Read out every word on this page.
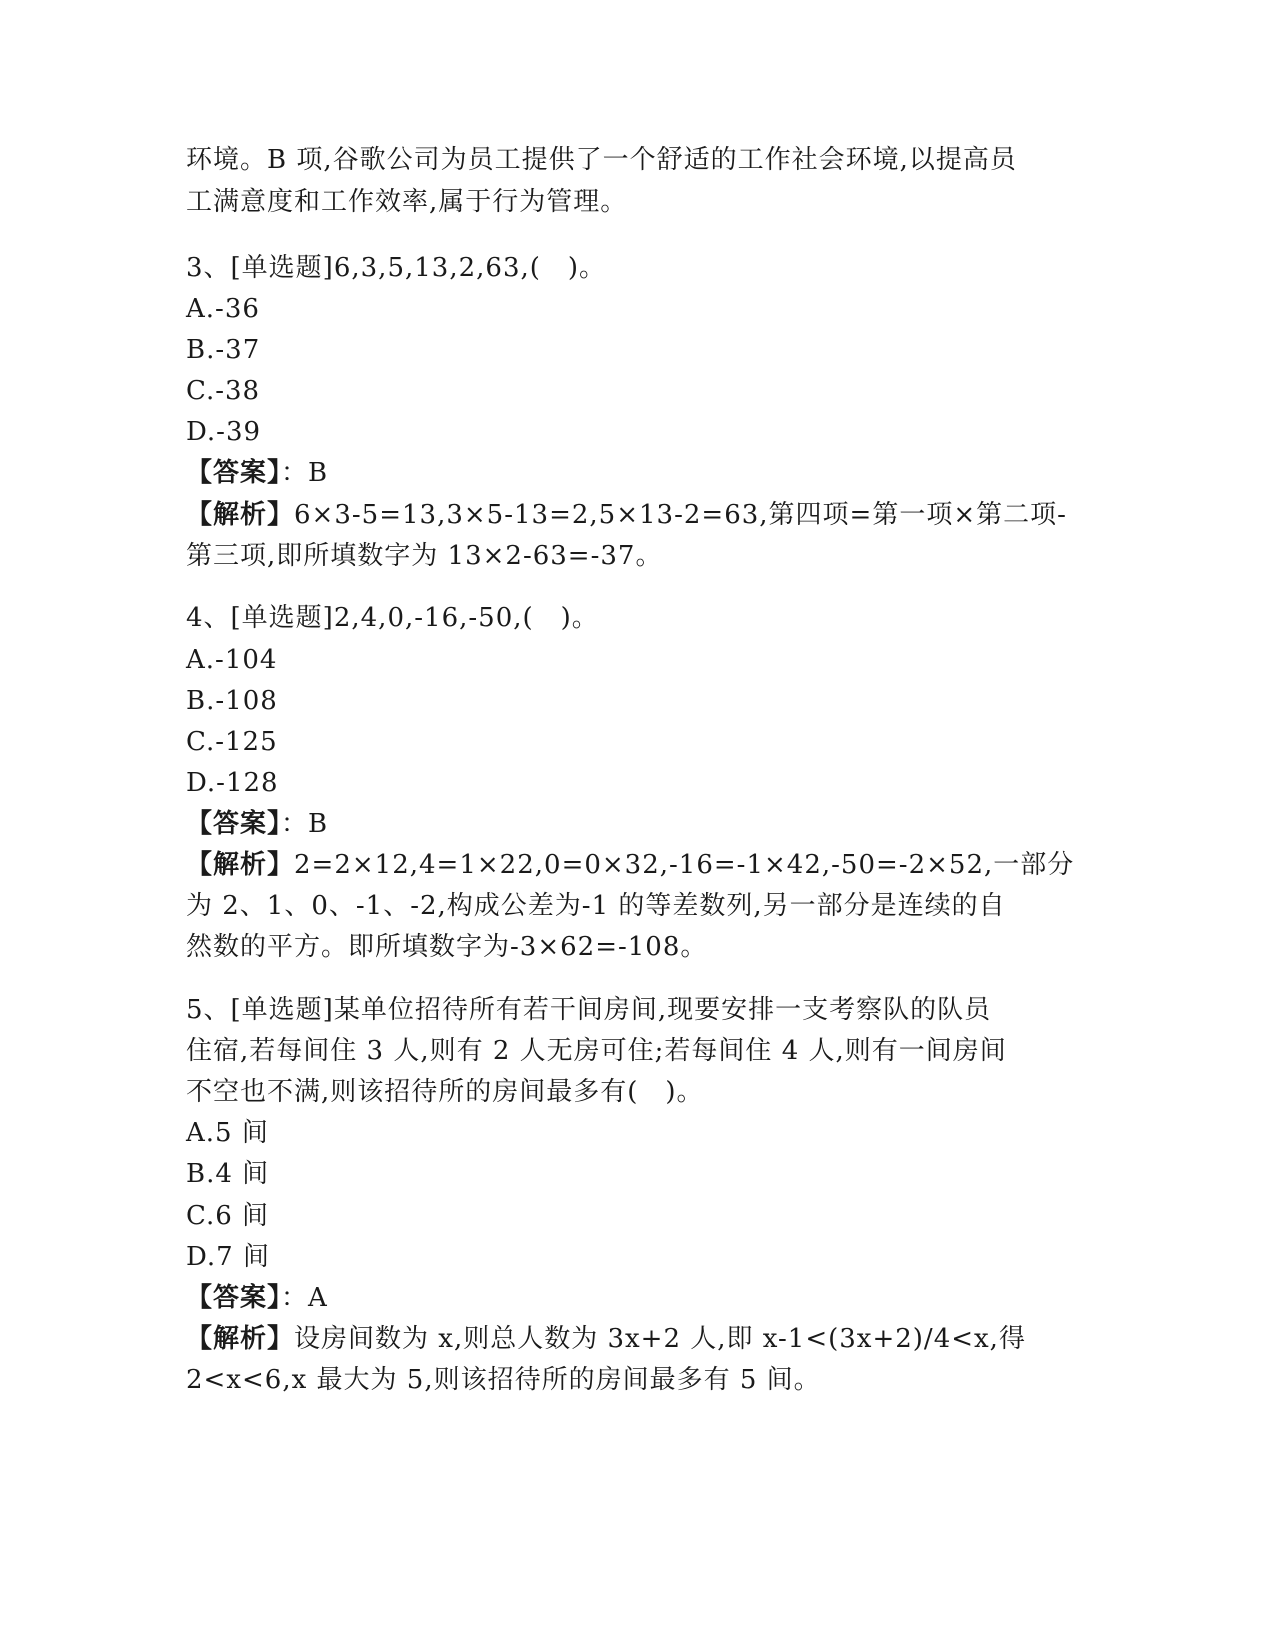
环境。B 项,谷歌公司为员工提供了一个舒适的工作社会环境,以提高员
工满意度和工作效率,属于行为管理。
3、[单选题]6,3,5,13,2,63,(　)。
A.-36
B.-37
C.-38
D.-39
【答案】：B
【解析】6×3-5=13,3×5-13=2,5×13-2=63,第四项=第一项×第二项-
第三项,即所填数字为 13×2-63=-37。
4、[单选题]2,4,0,-16,-50,(　)。
A.-104
B.-108
C.-125
D.-128
【答案】：B
【解析】2=2×12,4=1×22,0=0×32,-16=-1×42,-50=-2×52,一部分
为 2、1、0、-1、-2,构成公差为-1 的等差数列,另一部分是连续的自
然数的平方。即所填数字为-3×62=-108。
5、[单选题]某单位招待所有若干间房间,现要安排一支考察队的队员
住宿,若每间住 3 人,则有 2 人无房可住;若每间住 4 人,则有一间房间
不空也不满,则该招待所的房间最多有(　)。
A.5 间
B.4 间
C.6 间
D.7 间
【答案】：A
【解析】设房间数为 x,则总人数为 3x+2 人,即 x-1<(3x+2)/4<x,得
2<x<6,x 最大为 5,则该招待所的房间最多有 5 间。
